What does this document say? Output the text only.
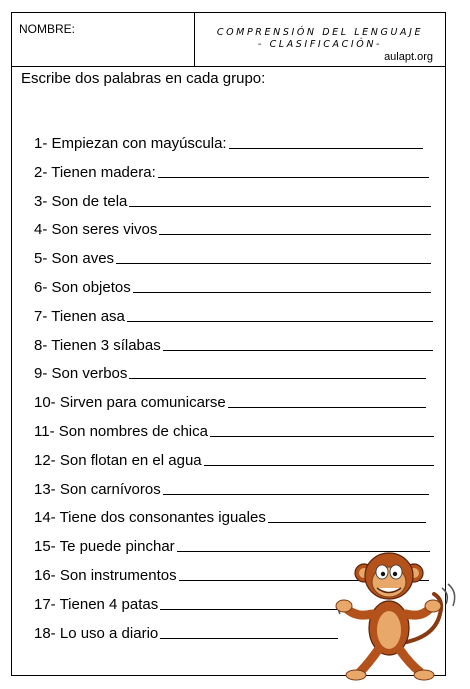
NOMBRE:	COMPRENSIÓN DEL LENGUAJE
- CLASIFICACIÓN-
aulapt.org
Escribe dos palabras en cada grupo:
1- Empiezan con mayúscula:
2- Tienen madera:
3- Son de tela
4- Son seres vivos
5- Son aves
6- Son objetos
7- Tienen asa
8- Tienen 3 sílabas
9- Son verbos
10- Sirven para comunicarse
11- Son nombres de chica
12- Son flotan en el agua
13- Son carnívoros
14- Tiene dos consonantes iguales
15- Te puede pinchar
16- Son instrumentos
17- Tienen 4 patas
18- Lo uso a diario
